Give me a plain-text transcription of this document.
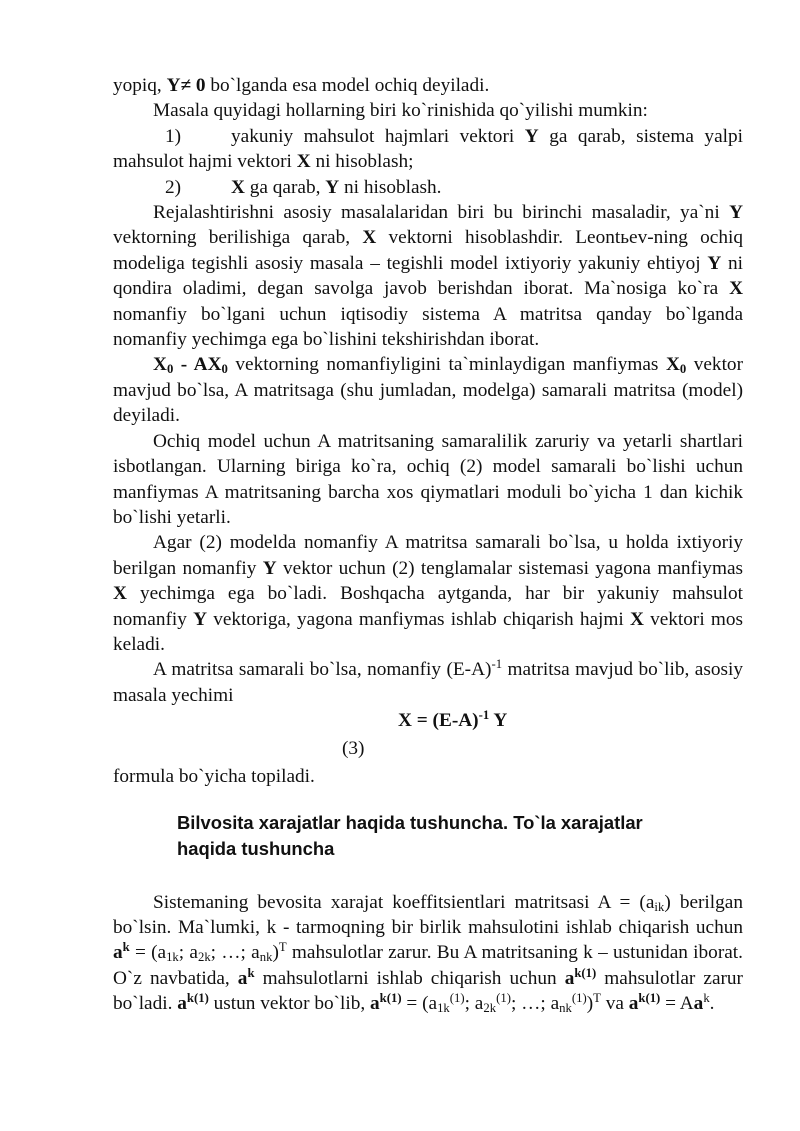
yopiq, Y≠ 0 bo`lganda esa model ochiq deyiladi.

Masala quyidagi hollarning biri ko`rinishida qo`yilishi mumkin:

1)	yakuniy mahsulot hajmlari vektori Y ga qarab, sistema yalpi mahsulot hajmi vektori X ni hisoblash;

2)	X ga qarab, Y ni hisoblash.

Rejalashtirishni asosiy masalalaridan biri bu birinchi masaladir, ya`ni Y vektorning berilishiga qarab, X vektorni hisoblashdir. Leontьev-ning ochiq modeliga tegishli asosiy masala – tegishli model ixtiyoriy yakuniy ehtiyoj Y ni qondira oladimi, degan savolga javob berishdan iborat. Ma`nosiga ko`ra X nomanfiy bo`lgani uchun iqtisodiy sistema A matritsa qanday bo`lganda nomanfiy yechimga ega bo`lishini tekshirishdan iborat.

$X_0 - AX_0$ vektorning nomanfiyligini ta`minlaydigan manfiymas $X_0$ vektor mavjud bo`lsa, A matritsaga (shu jumladan, modelga) samarali matritsa (model) deyiladi.

Ochiq model uchun A matritsaning samaralilik zaruriy va yetarli shartlari isbotlangan. Ularning biriga ko`ra, ochiq (2) model samarali bo`lishi uchun manfiymas A matritsaning barcha xos qiymatlari moduli bo`yicha 1 dan kichik bo`lishi yetarli.

Agar (2) modelda nomanfiy A matritsa samarali bo`lsa, u holda ixtiyoriy berilgan nomanfiy Y vektor uchun (2) tenglamalar sistemasi yagona manfiymas X yechimga ega bo`ladi. Boshqacha aytganda, har bir yakuniy mahsulot nomanfiy Y vektoriga, yagona manfiymas ishlab chiqarish hajmi X vektori mos keladi.

A matritsa samarali bo`lsa, nomanfiy $(E-A)^{-1}$ matritsa mavjud bo`lib, asosiy masala yechimi

$X = (E-A)^{-1}$ Y
(3)

formula bo`yicha topiladi.

Bilvosita xarajatlar haqida tushuncha. To`la xarajatlar haqida tushuncha

Sistemaning bevosita xarajat koeffitsientlari matritsasi $A = (a_{ik})$ berilgan bo`lsin. Ma`lumki, k - tarmoqning bir birlik mahsulotini ishlab chiqarish uchun $a^k = (a_{1k}$; $a_{2k}$; …; $a_{nk})^T$ mahsulotlar zarur. Bu A matritsaning k – ustunidan iborat. O`z navbatida, $a^k$ mahsulotlarni ishlab chiqarish uchun $a^{k(1)}$ mahsulotlar zarur bo`ladi. $a^{k(1)}$ ustun vektor bo`lib, $a^{k(1)} = (a_{1k}^{(1)}$; $a_{2k}^{(1)}$; …; $a_{nk}^{(1)})^T$ va $a^{k(1)} = Aa^k$.
